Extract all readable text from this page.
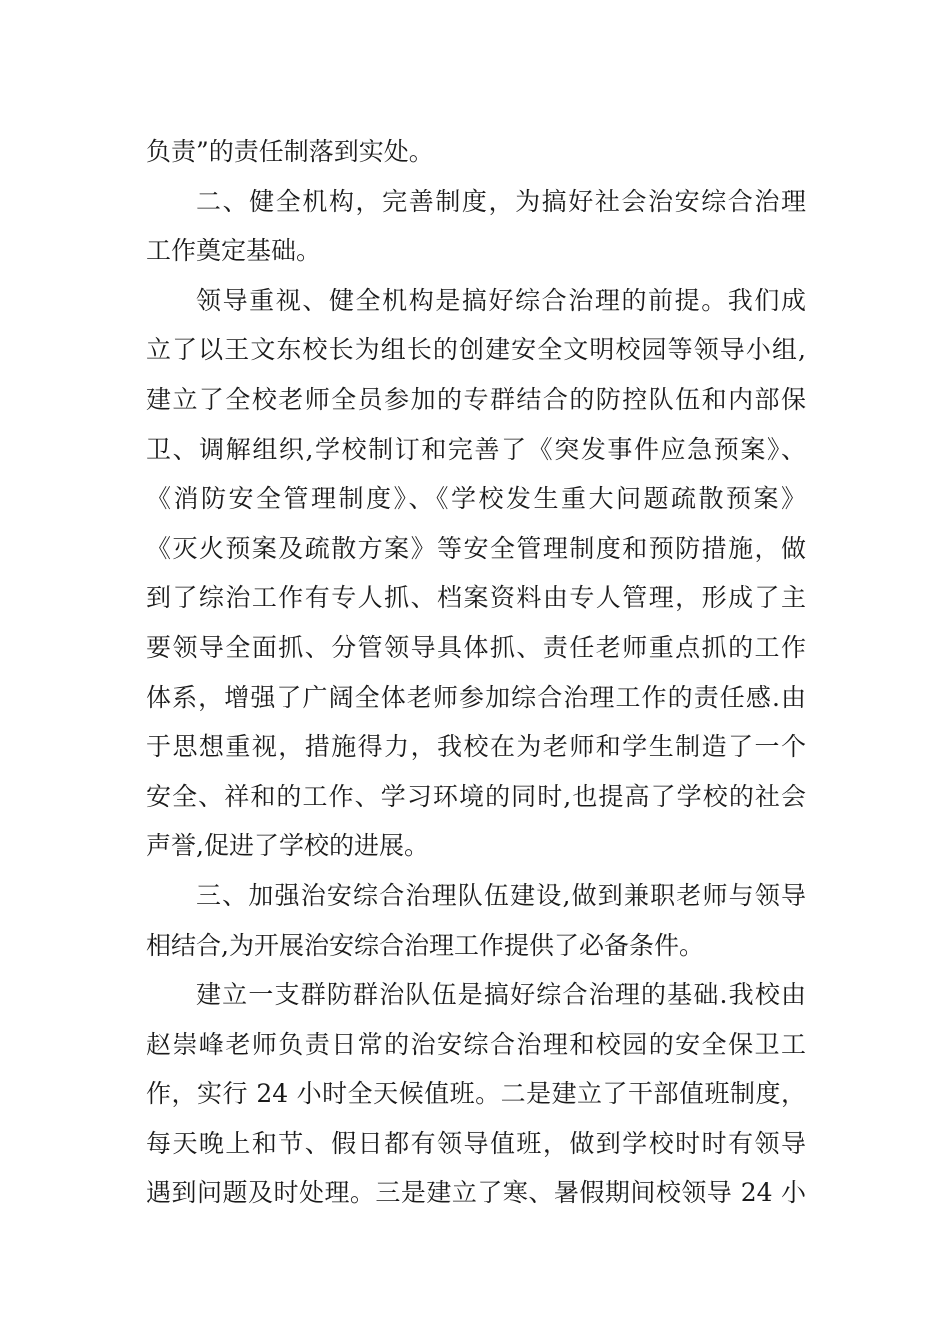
负责”的责任制落到实处。
二、健全机构，完善制度，为搞好社会治安综合治理
工作奠定基础。
领导重视、健全机构是搞好综合治理的前提。我们成
立了以王文东校长为组长的创建安全文明校园等领导小组,
建立了全校老师全员参加的专群结合的防控队伍和内部保
卫、调解组织,学校制订和完善了《突发事件应急预案》、
《消防安全管理制度》、《学校发生重大问题疏散预案》
《灭火预案及疏散方案》等安全管理制度和预防措施，做
到了综治工作有专人抓、档案资料由专人管理，形成了主
要领导全面抓、分管领导具体抓、责任老师重点抓的工作
体系，增强了广阔全体老师参加综合治理工作的责任感.由
于思想重视，措施得力，我校在为老师和学生制造了一个
安全、祥和的工作、学习环境的同时,也提高了学校的社会
声誉,促进了学校的进展。
三、加强治安综合治理队伍建设,做到兼职老师与领导
相结合,为开展治安综合治理工作提供了必备条件。
建立一支群防群治队伍是搞好综合治理的基础.我校由
赵崇峰老师负责日常的治安综合治理和校园的安全保卫工
作，实行 24 小时全天候值班。二是建立了干部值班制度，
每天晚上和节、假日都有领导值班，做到学校时时有领导
遇到问题及时处理。三是建立了寒、暑假期间校领导 24 小
